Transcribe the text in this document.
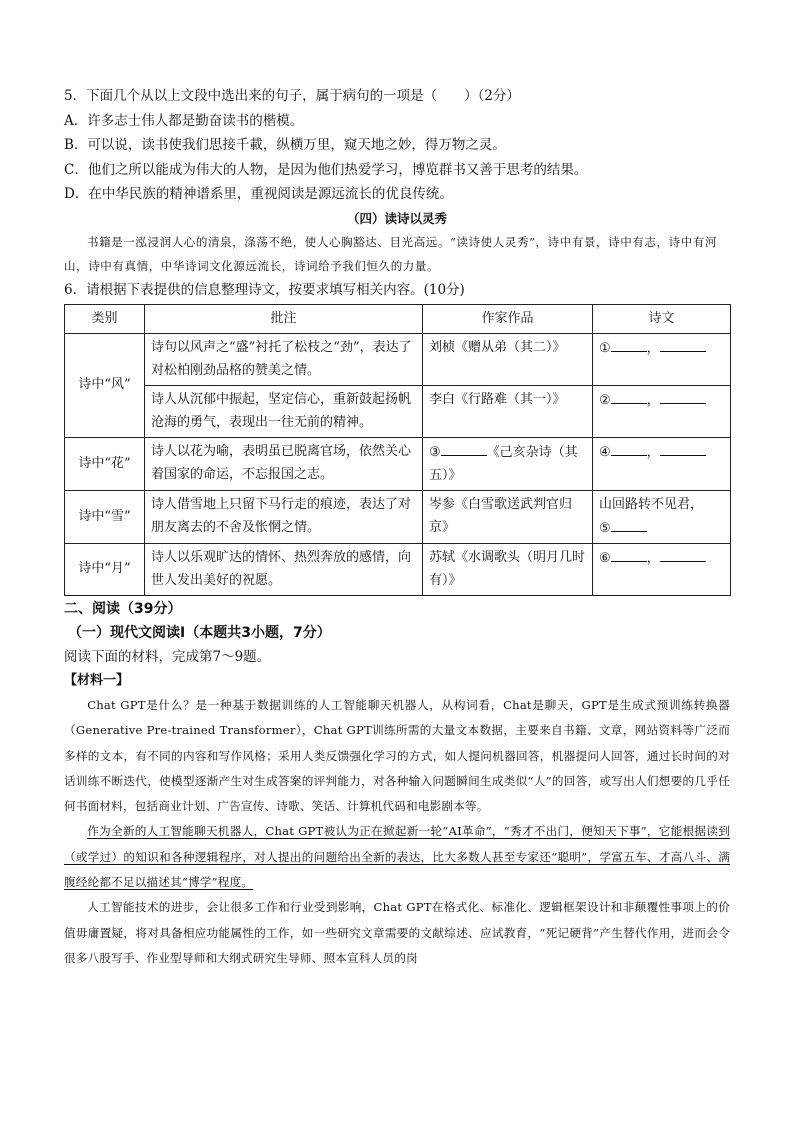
5．下面几个从以上文段中选出来的句子，属于病句的一项是（　　）（2分）
A．许多志士伟人都是勤奋读书的楷模。
B．可以说，读书使我们思接千載，纵横万里，窥天地之妙，得万物之灵。
C．他们之所以能成为伟大的人物，是因为他们热爱学习，博览群书又善于思考的结果。
D．在中华民族的精神谱系里，重视阅读是源远流长的优良传统。
（四）读诗以灵秀
书籍是一泓浸润人心的清泉，涤荡不绝，使人心胸豁达、目光高远。“读诗使人灵秀”，诗中有景，诗中有志，诗中有河山，诗中有真情，中华诗词文化源远流长，诗词给予我们恒久的力量。
6．请根据下表提供的信息整理诗文，按要求填写相关内容。(10分)
类别	批注	作家作品	诗文
诗中“风”	诗句以风声之“盛”衬托了松枝之“劲”，表达了对松柏刚劲品格的赞美之情。	刘桢《赠从弟（其二）》	① ，
	诗人从沉郁中振起，坚定信心，重新鼓起扬帆沧海的勇气，表现出一往无前的精神。	李白《行路难（其一）》	② ，
诗中“花”	诗人以花为喻，表明虽已脱离官场，依然关心着国家的命运，不忘报国之志。	③ 《己亥杂诗（其五）》	④ ，
诗中“雪”	诗人借雪地上只留下马行走的痕迹，表达了对朋友离去的不舍及怅惘之情。	岑参《白雪歌送武判官归京》	山回路转不见君，
⑤
诗中“月”	诗人以乐观旷达的情怀、热烈奔放的感情，向世人发出美好的祝愿。	苏轼《水调歌头（明月几时有）》	⑥ ，
二、阅读（39分）
（一）现代文阅读Ⅰ（本题共3小题，7分）
阅读下面的材料，完成第7～9题。
【材料一】
Chat GPT是什么？是一种基于数据训练的人工智能聊天机器人，从构词看，Chat是聊天，GPT是生成式预训练转换器（Generative Pre-trained Transformer），Chat GPT训练所需的大量文本数据，主要来自书籍、文章，网站资料等广泛而多样的文本，有不同的内容和写作风格；采用人类反馈强化学习的方式，如人提问机器回答，机器提问人回答，通过长时间的对话训练不断迭代，使模型逐渐产生对生成答案的评判能力，对各种输入问题瞬间生成类似“人”的回答，或写出人们想要的几乎任何书面材料，包括商业计划、广告宣传、诗歌、笑话、计算机代码和电影剧本等。
作为全新的人工智能聊天机器人，Chat GPT被认为正在掀起新一轮“AI革命”，“秀才不出门，便知天下事”，它能根据读到（或学过）的知识和各种逻辑程序，对人提出的问题给出全新的表达，比大多数人甚至专家还“聪明”，学富五车、才高八斗、满腹经纶都不足以描述其“博学”程度。
人工智能技术的进步，会让很多工作和行业受到影响，Chat GPT在格式化、标准化、逻辑框架设计和非颠覆性事项上的价值毋庸置疑，将对具备相应功能属性的工作，如一些研究文章需要的文献综述、应试教育，“死记硬背”产生替代作用，进而会令很多八股写手、作业型导师和大纲式研究生导师、照本宣科人员的岗
